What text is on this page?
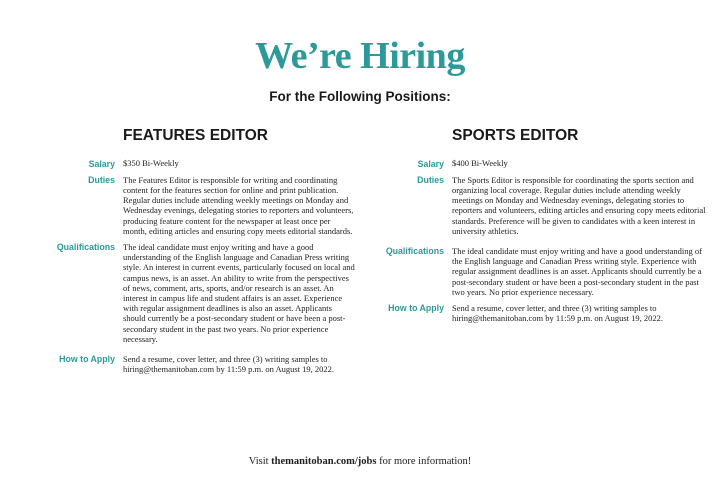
We’re Hiring
For the Following Positions:
FEATURES EDITOR
Salary $350 Bi-Weekly
Duties The Features Editor is responsible for writing and coordinating content for the features section for online and print publication. Regular duties include attending weekly meetings on Monday and Wednesday evenings, delegating stories to reporters and volunteers, producing feature content for the newspaper at least once per month, editing articles and ensuring copy meets editorial standards.
Qualifications The ideal candidate must enjoy writing and have a good understanding of the English language and Canadian Press writing style. An interest in current events, particularly focused on local and campus news, is an asset. An ability to write from the perspectives of news, comment, arts, sports, and/or research is an asset. An interest in campus life and student affairs is an asset. Experience with regular assignment deadlines is also an asset. Applicants should currently be a post-secondary student or have been a post-secondary student in the past two years. No prior experience necessary.
How to Apply Send a resume, cover letter, and three (3) writing samples to hiring@themanitoban.com by 11:59 p.m. on August 19, 2022.
SPORTS EDITOR
Salary $400 Bi-Weekly
Duties The Sports Editor is responsible for coordinating the sports section and organizing local coverage. Regular duties include attending weekly meetings on Monday and Wednesday evenings, delegating stories to reporters and volunteers, editing articles and ensuring copy meets editorial standards. Preference will be given to candidates with a keen interest in university athletics.
Qualifications The ideal candidate must enjoy writing and have a good understanding of the English language and Canadian Press writing style. Experience with regular assignment deadlines is an asset. Applicants should currently be a post-secondary student or have been a post-secondary student in the past two years. No prior experience necessary.
How to Apply Send a resume, cover letter, and three (3) writing samples to hiring@themanitoban.com by 11:59 p.m. on August 19, 2022.
Visit themanitoban.com/jobs for more information!
